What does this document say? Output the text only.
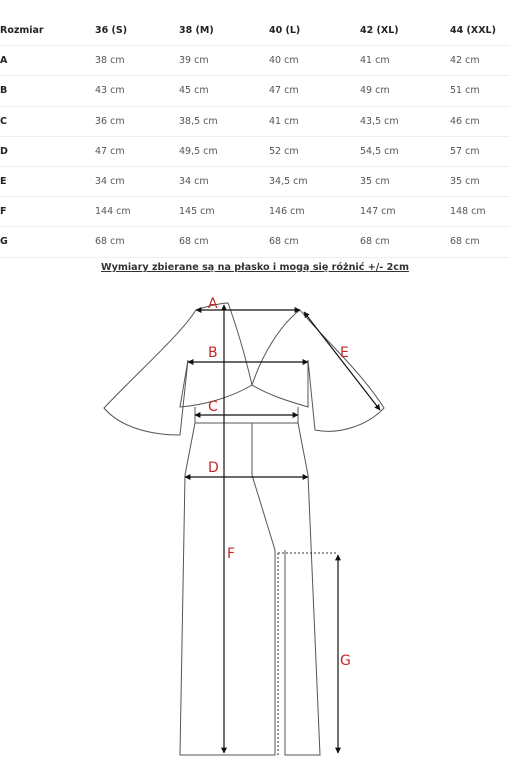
Rozmiar	36 (S)	38 (M)	40 (L)	42 (XL)	44 (XXL)
A	38 cm	39 cm	40 cm	41 cm	42 cm
B	43 cm	45 cm	47 cm	49 cm	51 cm
C	36 cm	38,5 cm	41 cm	43,5 cm	46 cm
D	47 cm	49,5 cm	52 cm	54,5 cm	57 cm
E	34 cm	34 cm	34,5 cm	35 cm	35 cm
F	144 cm	145 cm	146 cm	147 cm	148 cm
G	68 cm	68 cm	68 cm	68 cm	68 cm
Wymiary zbierane są na płasko i mogą się różnić +/- 2cm
A
B
C
D
E
F
G
